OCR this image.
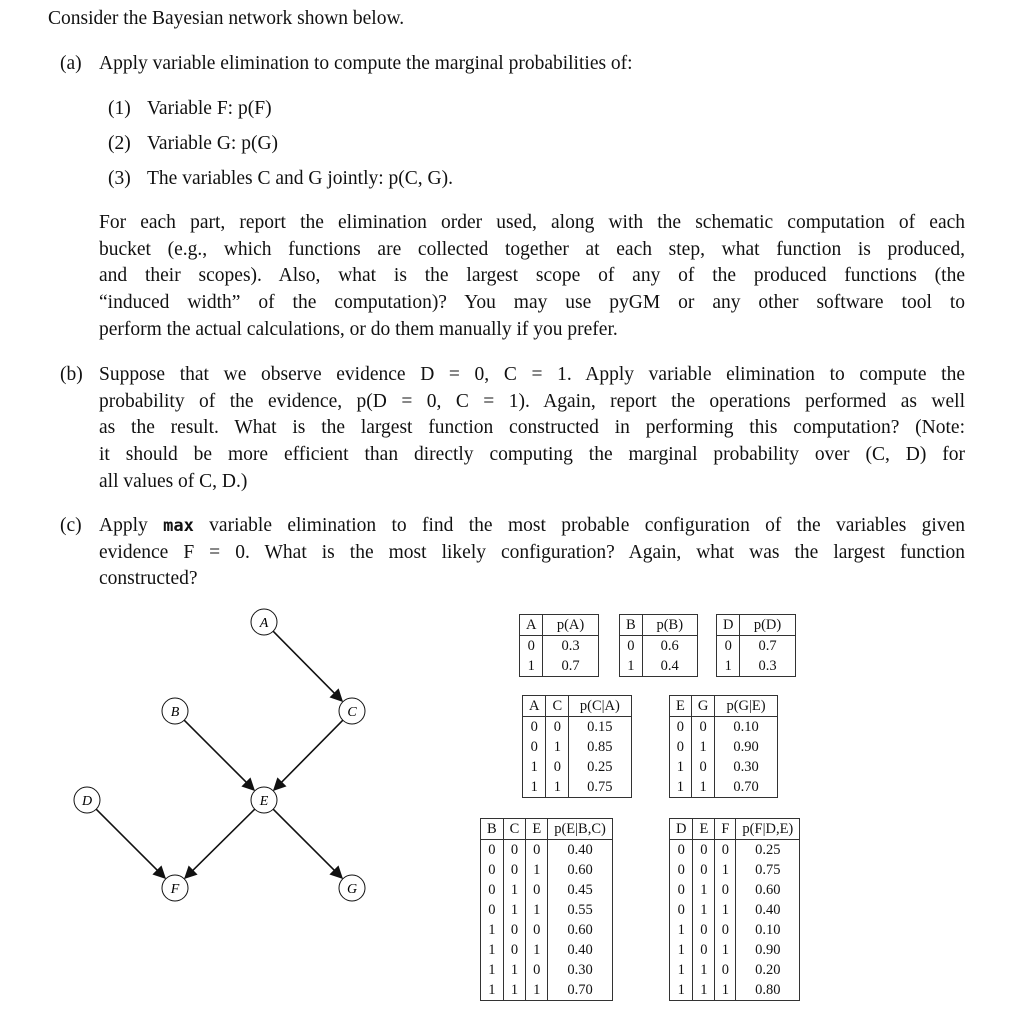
Consider the Bayesian network shown below.
(a) Apply variable elimination to compute the marginal probabilities of:
(1) Variable F: p(F)
(2) Variable G: p(G)
(3) The variables C and G jointly: p(C, G).
For each part, report the elimination order used, along with the schematic computation of each
bucket (e.g., which functions are collected together at each step, what function is produced,
and their scopes). Also, what is the largest scope of any of the produced functions (the
“induced width” of the computation)? You may use pyGM or any other software tool to
perform the actual calculations, or do them manually if you prefer.
(b) Suppose that we observe evidence D = 0, C = 1. Apply variable elimination to compute the
probability of the evidence, p(D = 0, C = 1). Again, report the operations performed as well
as the result. What is the largest function constructed in performing this computation? (Note:
it should be more efficient than directly computing the marginal probability over (C, D) for
all values of C, D.)
(c) Apply max variable elimination to find the most probable configuration of the variables given
evidence F = 0. What is the most likely configuration? Again, what was the largest function
constructed?
A
B	C
D	E
F	G
A	p(A)
0	0.3
1	0.7
B	p(B)
0	0.6
1	0.4
D	p(D)
0	0.7
1	0.3
A	C	p(C|A)
0	0	0.15
0	1	0.85
1	0	0.25
1	1	0.75
E	G	p(G|E)
0	0	0.10
0	1	0.90
1	0	0.30
1	1	0.70
B	C	E	p(E|B,C)
0	0	0	0.40
0	0	1	0.60
0	1	0	0.45
0	1	1	0.55
1	0	0	0.60
1	0	1	0.40
1	1	0	0.30
1	1	1	0.70
D	E	F	p(F|D,E)
0	0	0	0.25
0	0	1	0.75
0	1	0	0.60
0	1	1	0.40
1	0	0	0.10
1	0	1	0.90
1	1	0	0.20
1	1	1	0.80
